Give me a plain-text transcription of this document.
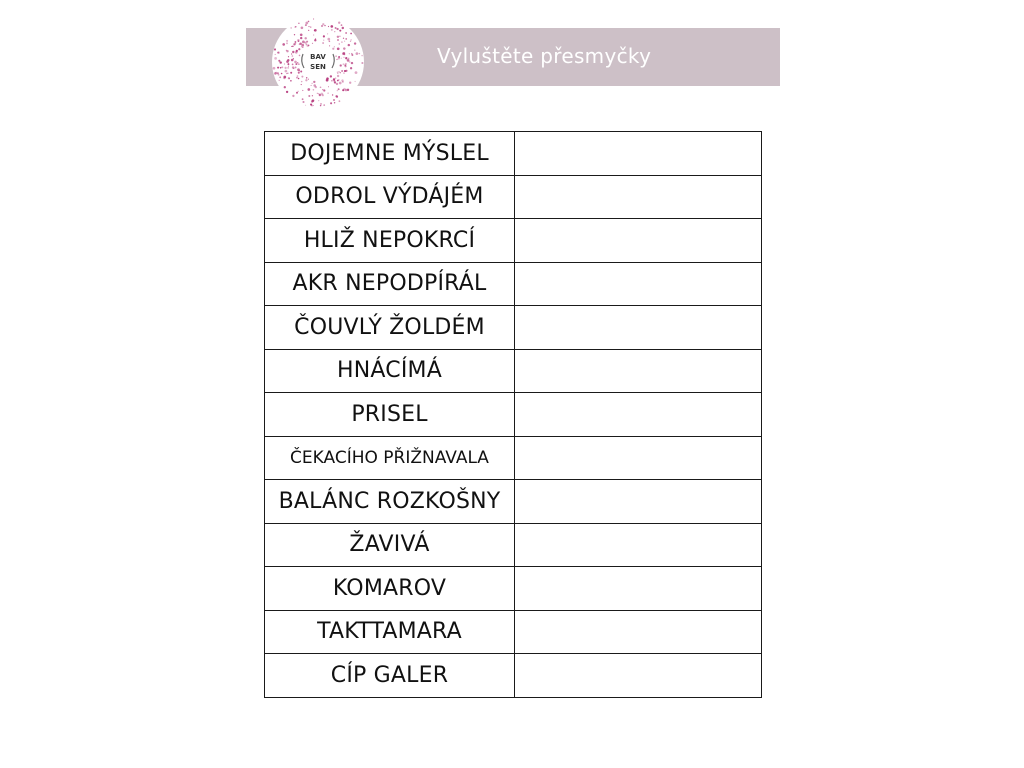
BAV
SEN	Vyluštěte přesmyčky
DOJEMNE MÝSLEL	
ODROL VÝDÁJÉM	
HLIŽ NEPOKRCÍ	
AKR NEPODPÍRÁL	
ČOUVLÝ ŽOLDÉM	
HNÁCÍMÁ	
PRISEL	
ČEKACÍHO PŘIŽNAVALA	
BALÁNC ROZKOŠNY	
ŽAVIVÁ	
KOMAROV	
TAKTTAMARA	
CÍP GALER	
